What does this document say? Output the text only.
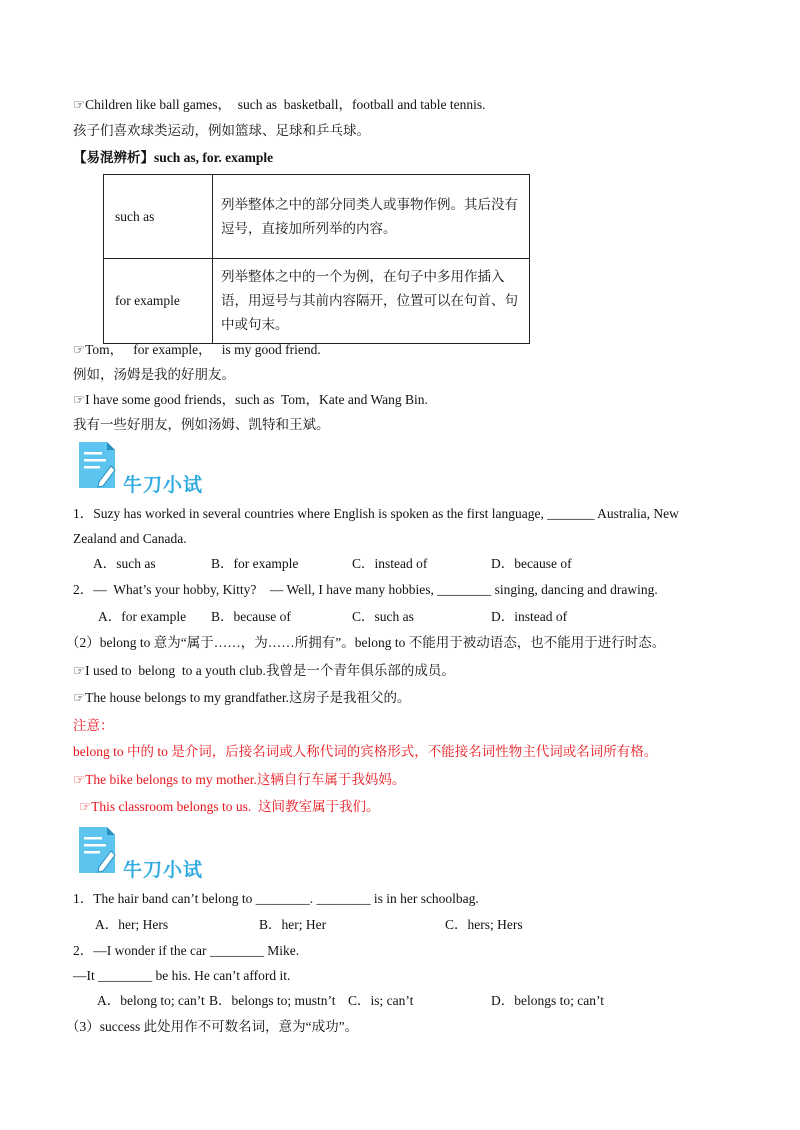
☞Children like ball games，  such as  basketball，football and table tennis.
孩子们喜欢球类运动，例如篮球、足球和乒乓球。
【易混辨析】such as, for. example
such as	列举整体之中的部分同类人或事物作例。其后没有逗号，直接加所列举的内容。
for example	列举整体之中的一个为例，在句子中多用作插入语，用逗号与其前内容隔开，位置可以在句首、句中或句末。
☞Tom，   for example，   is my good friend.
例如，汤姆是我的好朋友。
☞I have some good friends，such as  Tom，Kate and Wang Bin.
我有一些好朋友，例如汤姆、凯特和王斌。
牛刀小试
1．Suzy has worked in several countries where English is spoken as the first language, _______ Australia, New
Zealand and Canada.
A．such as	B．for example	C．instead of	D．because of
2．—  What’s your hobby, Kitty?    — Well, I have many hobbies, ________ singing, dancing and drawing.
A．for example B．because of	C．such as	D．instead of
（2）belong to 意为“属于……，为……所拥有”。belong to 不能用于被动语态，也不能用于进行时态。
☞I used to  belong  to a youth club.我曾是一个青年俱乐部的成员。
☞The house belongs to my grandfather.这房子是我祖父的。
注意：
belong to 中的 to 是介词，后接名词或人称代词的宾格形式，不能接名词性物主代词或名词所有格。
☞The bike belongs to my mother.这辆自行车属于我妈妈。
☞This classroom belongs to us.  这间教室属于我们。
牛刀小试
1．The hair band can’t belong to ________. ________ is in her schoolbag.
A．her; Hers	B．her; Her	C．hers; Hers
2．—I wonder if the car ________ Mike.
—It ________ be his. He can’t afford it.
A．belong to; can’t B．belongs to; mustn’t C．is; can’t	D．belongs to; can’t
（3）success 此处用作不可数名词，意为“成功”。
